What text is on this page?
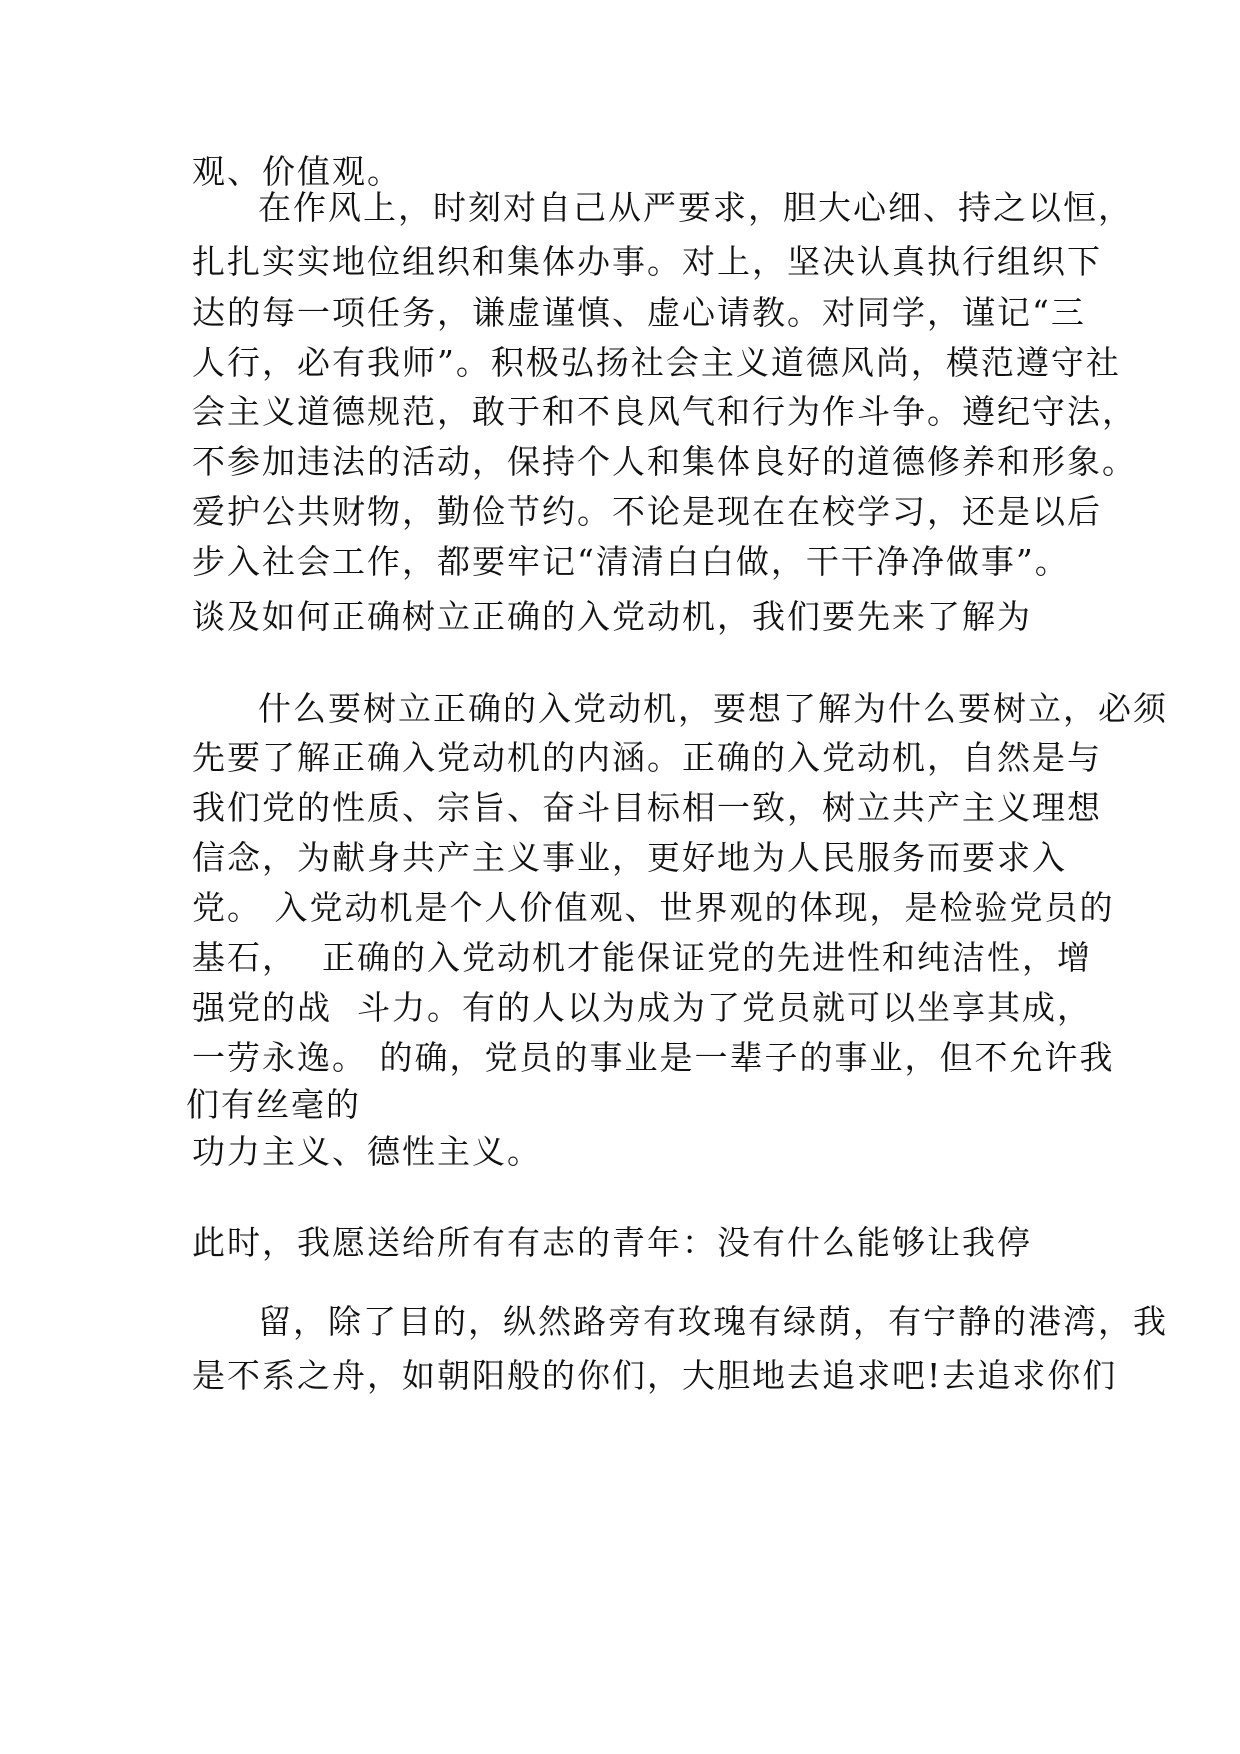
观、价值观。
在作风上，时刻对自己从严要求，胆大心细、持之以恒，
扎扎实实地位组织和集体办事。对上，坚决认真执行组织下
达的每一项任务，谦虚谨慎、虚心请教。对同学，谨记“三
人行，必有我师”。积极弘扬社会主义道德风尚，模范遵守社
会主义道德规范，敢于和不良风气和行为作斗争。遵纪守法，
不参加违法的活动，保持个人和集体良好的道德修养和形象。
爱护公共财物，勤俭节约。不论是现在在校学习，还是以后
步入社会工作，都要牢记“清清白白做，干干净净做事”。
谈及如何正确树立正确的入党动机，我们要先来了解为
什么要树立正确的入党动机，要想了解为什么要树立，必须
先要了解正确入党动机的内涵。正确的入党动机，自然是与
我们党的性质、宗旨、奋斗目标相一致，树立共产主义理想
信念，为献身共产主义事业，更好地为人民服务而要求入
党。 入党动机是个人价值观、世界观的体现，是检验党员的
基石，  正确的入党动机才能保证党的先进性和纯洁性，增
强党的战  斗力。有的人以为成为了党员就可以坐享其成，
一劳永逸。 的确，党员的事业是一辈子的事业，但不允许我
们有丝毫的
功力主义、德性主义。
此时，我愿送给所有有志的青年：没有什么能够让我停
留，除了目的，纵然路旁有玫瑰有绿荫，有宁静的港湾，我
是不系之舟，如朝阳般的你们，大胆地去追求吧!去追求你们
